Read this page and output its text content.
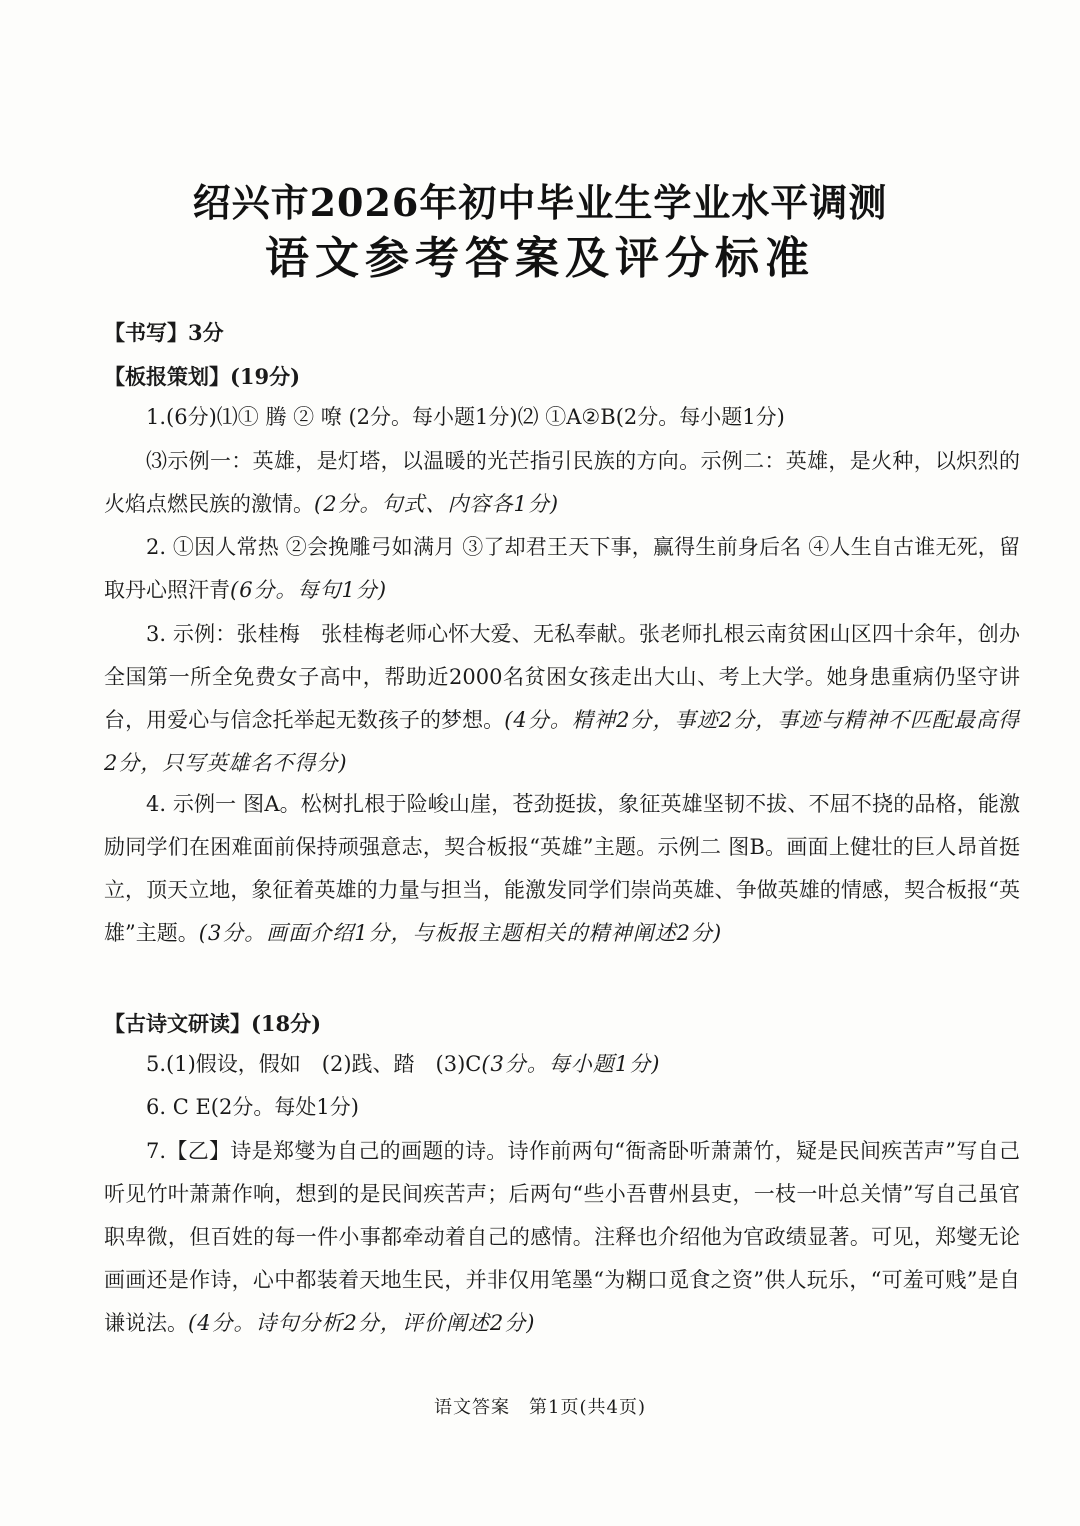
绍兴市2026年初中毕业生学业水平调测
语文参考答案及评分标准
【书写】3分
【板报策划】(19分)
1.(6分)⑴① 腾 ② 嘹 (2分。每小题1分)⑵ ①A②B(2分。每小题1分)
⑶示例一：英雄，是灯塔，以温暖的光芒指引民族的方向。示例二：英雄，是火种，以炽烈的火焰点燃民族的激情。(2分。句式、内容各1分)
2. ①因人常热 ②会挽雕弓如满月 ③了却君王天下事，赢得生前身后名 ④人生自古谁无死，留取丹心照汗青(6分。每句1分)
3. 示例：张桂梅　张桂梅老师心怀大爱、无私奉献。张老师扎根云南贫困山区四十余年，创办全国第一所全免费女子高中，帮助近2000名贫困女孩走出大山、考上大学。她身患重病仍坚守讲台，用爱心与信念托举起无数孩子的梦想。(4分。精神2分，事迹2分，事迹与精神不匹配最高得2分，只写英雄名不得分)
4. 示例一 图A。松树扎根于险峻山崖，苍劲挺拔，象征英雄坚韧不拔、不屈不挠的品格，能激励同学们在困难面前保持顽强意志，契合板报“英雄”主题。示例二 图B。画面上健壮的巨人昂首挺立，顶天立地，象征着英雄的力量与担当，能激发同学们崇尚英雄、争做英雄的情感，契合板报“英雄”主题。(3分。画面介绍1分，与板报主题相关的精神阐述2分)
【古诗文研读】(18分)
5.(1)假设，假如　(2)践、踏　(3)C(3分。每小题1分)
6. C E(2分。每处1分)
7.【乙】诗是郑燮为自己的画题的诗。诗作前两句“衙斋卧听萧萧竹，疑是民间疾苦声”写自己听见竹叶萧萧作响，想到的是民间疾苦声；后两句“些小吾曹州县吏，一枝一叶总关情”写自己虽官职卑微，但百姓的每一件小事都牵动着自己的感情。注释也介绍他为官政绩显著。可见，郑燮无论画画还是作诗，心中都装着天地生民，并非仅用笔墨“为糊口觅食之资”供人玩乐，“可羞可贱”是自谦说法。(4分。诗句分析2分，评价阐述2分)
语文答案　第1页(共4页)
